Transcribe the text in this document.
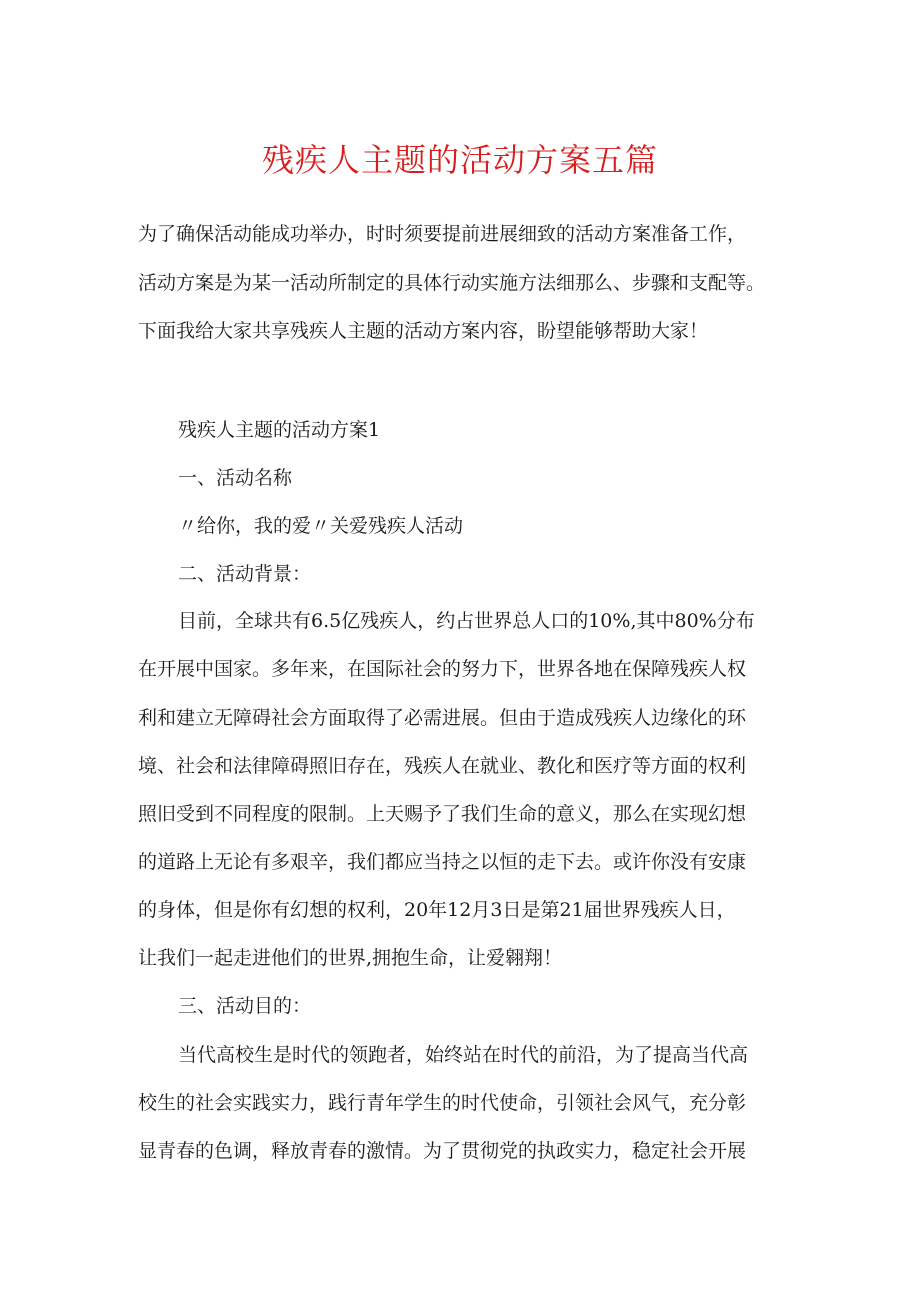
残疾人主题的活动方案五篇
为了确保活动能成功举办，时时须要提前进展细致的活动方案准备工作，
活动方案是为某一活动所制定的具体行动实施方法细那么、步骤和支配等。
下面我给大家共享残疾人主题的活动方案内容，盼望能够帮助大家！
残疾人主题的活动方案1
一、活动名称
〃给你，我的爱〃关爱残疾人活动
二、活动背景：
目前，全球共有6.5亿残疾人，约占世界总人口的10%,其中80%分布
在开展中国家。多年来，在国际社会的努力下，世界各地在保障残疾人权
利和建立无障碍社会方面取得了必需进展。但由于造成残疾人边缘化的环
境、社会和法律障碍照旧存在，残疾人在就业、教化和医疗等方面的权利
照旧受到不同程度的限制。上天赐予了我们生命的意义，那么在实现幻想
的道路上无论有多艰辛，我们都应当持之以恒的走下去。或许你没有安康
的身体，但是你有幻想的权利，20年12月3日是第21届世界残疾人日，
让我们一起走进他们的世界,拥抱生命，让爱翱翔！
三、活动目的：
当代高校生是时代的领跑者，始终站在时代的前沿，为了提高当代高
校生的社会实践实力，践行青年学生的时代使命，引领社会风气，充分彰
显青春的色调，释放青春的激情。为了贯彻党的执政实力，稳定社会开展
